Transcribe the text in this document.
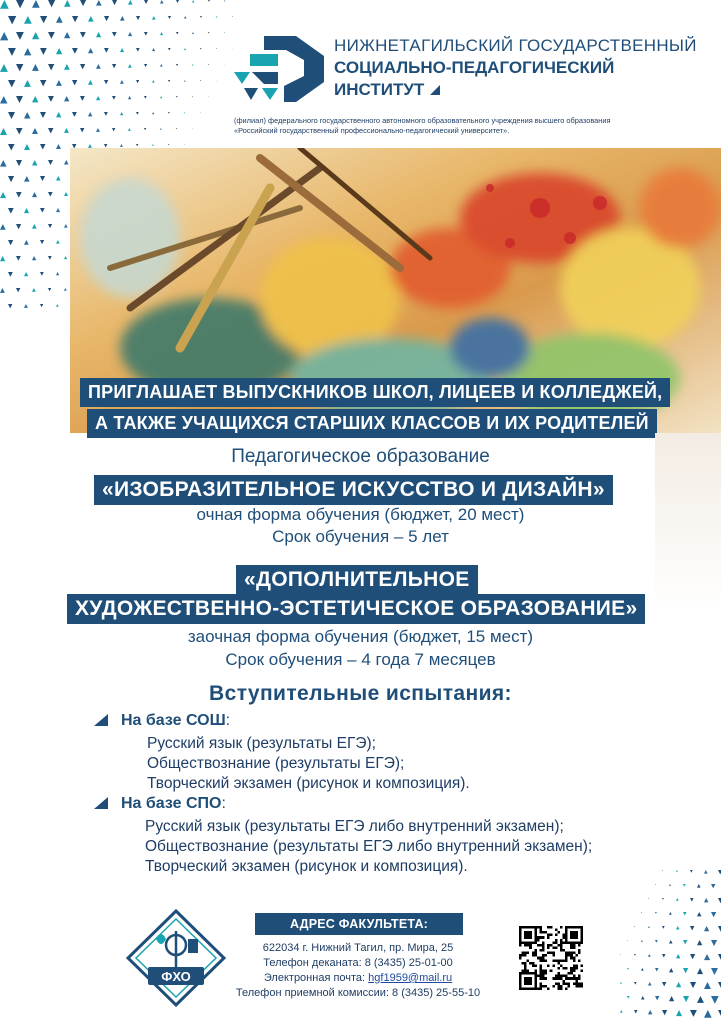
НИЖНЕТАГИЛЬСКИЙ ГОСУДАРСТВЕННЫЙ
СОЦИАЛЬНО-ПЕДАГОГИЧЕСКИЙ
ИНСТИТУТ
(филиал) федерального государственного автономного образовательного учреждения высшего образования
«Российский государственный профессионально-педагогический университет».
ПРИГЛАШАЕТ ВЫПУСКНИКОВ ШКОЛ, ЛИЦЕЕВ И КОЛЛЕДЖЕЙ,
А ТАКЖЕ УЧАЩИХСЯ СТАРШИХ КЛАССОВ И ИХ РОДИТЕЛЕЙ
Педагогическое образование
«ИЗОБРАЗИТЕЛЬНОЕ ИСКУССТВО И ДИЗАЙН»
очная форма обучения (бюджет, 20 мест)
Срок обучения – 5 лет
«ДОПОЛНИТЕЛЬНОЕ
ХУДОЖЕСТВЕННО-ЭСТЕТИЧЕСКОЕ ОБРАЗОВАНИЕ»
заочная форма обучения (бюджет, 15 мест)
Срок обучения – 4 года 7 месяцев
Вступительные испытания:
На базе СОШ:
Русский язык (результаты ЕГЭ);
Обществознание (результаты ЕГЭ);
Творческий экзамен (рисунок и композиция).
На базе СПО:
Русский язык (результаты ЕГЭ либо внутренний экзамен);
Обществознание (результаты ЕГЭ либо внутренний экзамен);
Творческий экзамен (рисунок и композиция).
ФХО
АДРЕС ФАКУЛЬТЕТА:
622034 г. Нижний Тагил, пр. Мира, 25
Телефон деканата: 8 (3435) 25-01-00
Электронная почта: hgf1959@mail.ru
Телефон приемной комиссии: 8 (3435) 25-55-10
